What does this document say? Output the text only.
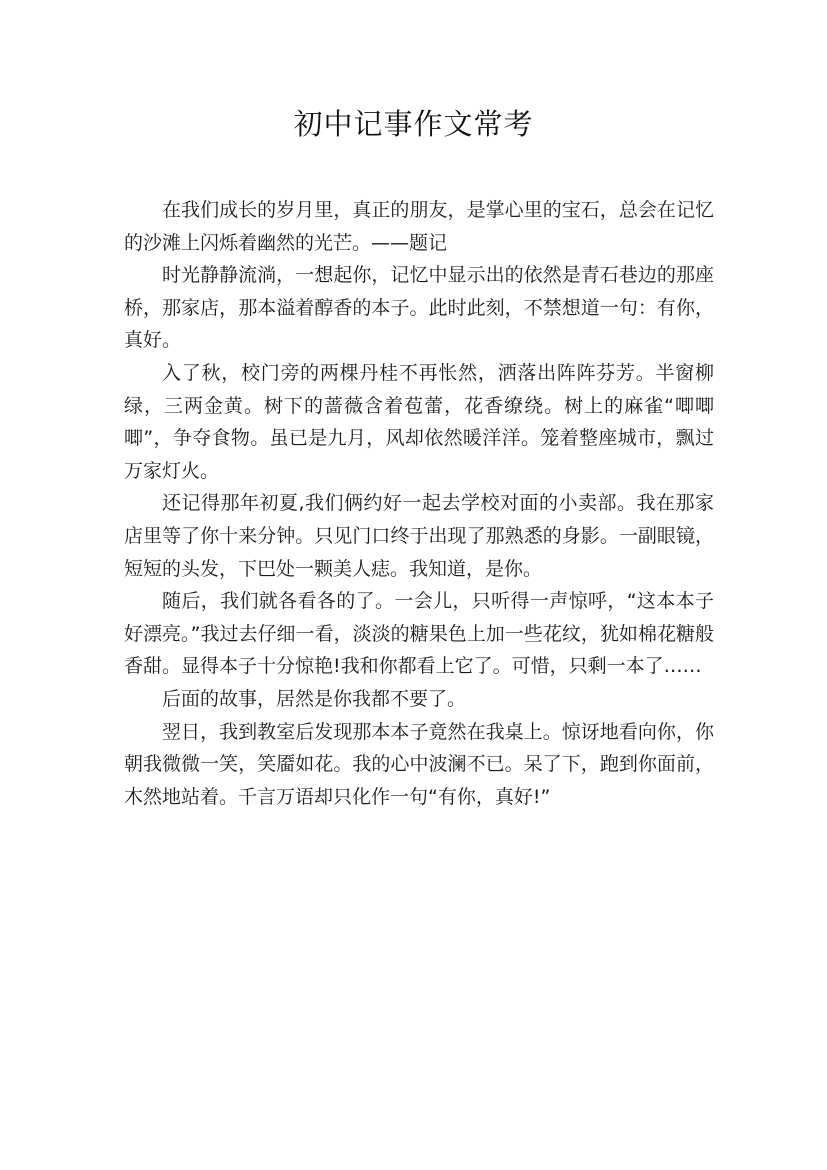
初中记事作文常考

在我们成长的岁月里，真正的朋友，是掌心里的宝石，总会在记忆的沙滩上闪烁着幽然的光芒。——题记

时光静静流淌，一想起你，记忆中显示出的依然是青石巷边的那座桥，那家店，那本溢着醇香的本子。此时此刻，不禁想道一句：有你，真好。

入了秋，校门旁的两棵丹桂不再怅然，洒落出阵阵芬芳。半窗柳绿，三两金黄。树下的蔷薇含着苞蕾，花香缭绕。树上的麻雀“唧唧唧”，争夺食物。虽已是九月，风却依然暖洋洋。笼着整座城市，飘过万家灯火。

还记得那年初夏,我们俩约好一起去学校对面的小卖部。我在那家店里等了你十来分钟。只见门口终于出现了那熟悉的身影。一副眼镜，短短的头发，下巴处一颗美人痣。我知道，是你。

随后，我们就各看各的了。一会儿，只听得一声惊呼，“这本本子好漂亮。”我过去仔细一看，淡淡的糖果色上加一些花纹，犹如棉花糖般香甜。显得本子十分惊艳!我和你都看上它了。可惜，只剩一本了……

后面的故事，居然是你我都不要了。

翌日，我到教室后发现那本本子竟然在我桌上。惊讶地看向你，你朝我微微一笑，笑靥如花。我的心中波澜不已。呆了下，跑到你面前，木然地站着。千言万语却只化作一句“有你，真好!”
